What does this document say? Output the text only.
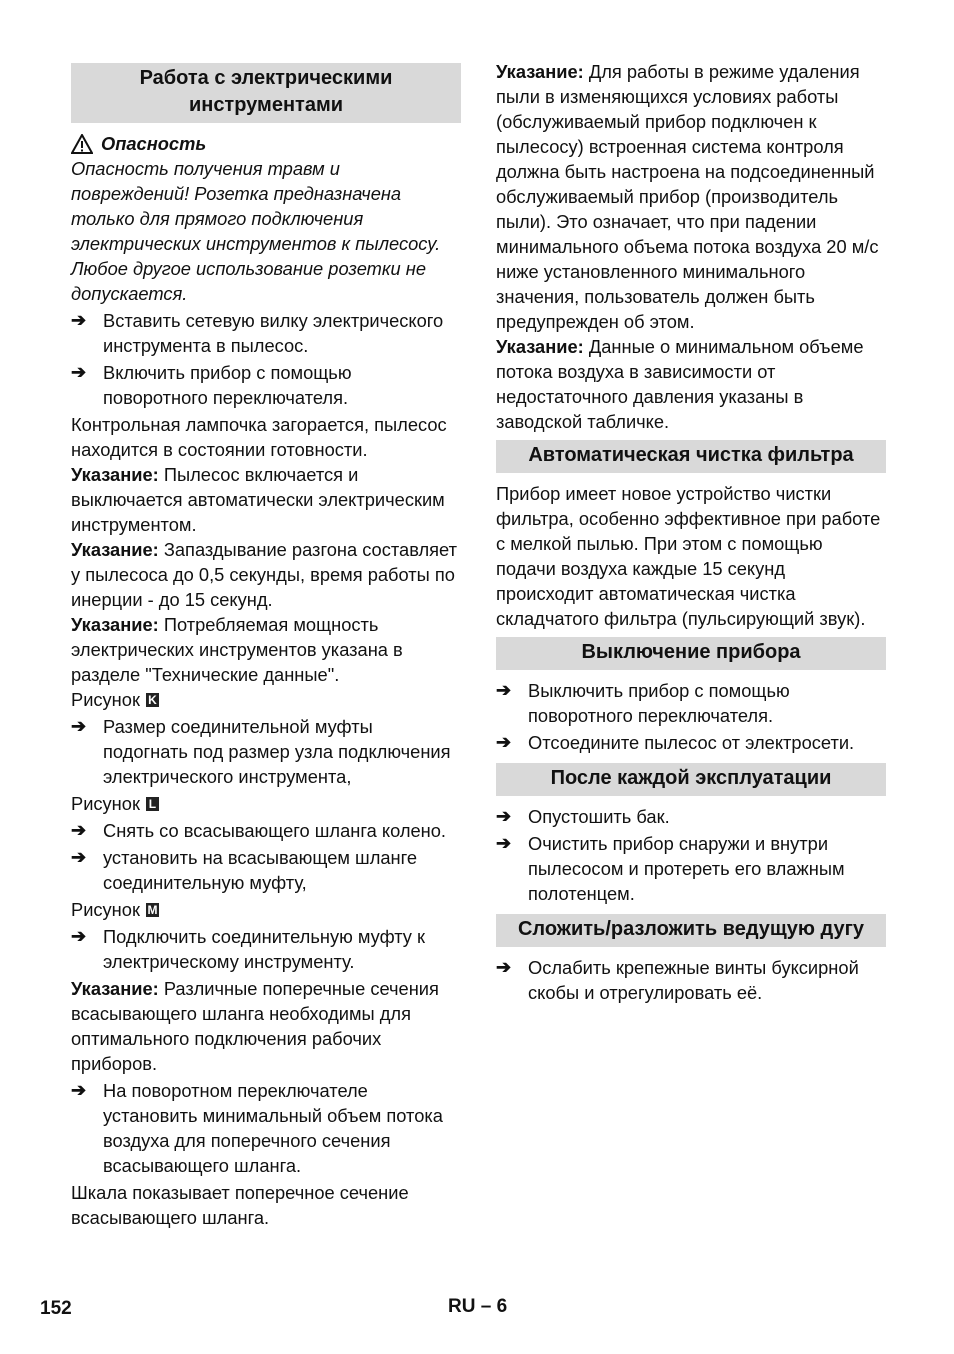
Работа с электрическими инструментами
Опасность

Опасность получения травм и повреждений! Розетка предназначена только для прямого подключения электрических инструментов к пылесосу. Любое другое использование розетки не допускается.

➔ Вставить сетевую вилку электрического инструмента в пылесос.
➔ Включить прибор с помощью поворотного переключателя.

Контрольная лампочка загорается, пылесос находится в состоянии готовности.

Указание: Пылесос включается и выключается автоматически электрическим инструментом.

Указание: Запаздывание разгона составляет у пылесоса до 0,5 секунды, время работы по инерции - до 15 секунд.

Указание: Потребляемая мощность электрических инструментов указана в разделе "Технические данные".

Рисунок K
➔ Размер соединительной муфты подогнать под размер узла подключения электрического инструмента,
Рисунок L
➔ Снять со всасывающего шланга колено.
➔ установить на всасывающем шланге соединительную муфту,
Рисунок M
➔ Подключить соединительную муфту к электрическому инструменту.

Указание: Различные поперечные сечения всасывающего шланга необходимы для оптимального подключения рабочих приборов.

➔ На поворотном переключателе установить минимальный объем потока воздуха для поперечного сечения всасывающего шланга.

Шкала показывает поперечное сечение всасывающего шланга.

Указание: Для работы в режиме удаления пыли в изменяющихся условиях работы (обслуживаемый прибор подключен к пылесосу) встроенная система контроля должна быть настроена на подсоединенный обслуживаемый прибор (производитель пыли). Это означает, что при падении минимального объема потока воздуха 20 м/с ниже установленного минимального значения, пользователь должен быть предупрежден об этом.

Указание: Данные о минимальном объеме потока воздуха в зависимости от недостаточного давления указаны в заводской табличке.

Автоматическая чистка фильтра

Прибор имеет новое устройство чистки фильтра, особенно эффективное при работе с мелкой пылью. При этом с помощью подачи воздуха каждые 15 секунд происходит автоматическая чистка складчатого фильтра (пульсирующий звук).

Выключение прибора
➔ Выключить прибор с помощью поворотного переключателя.
➔ Отсоедините пылесос от электросети.
После каждой эксплуатации
➔ Опустошить бак.
➔ Очистить прибор снаружи и внутри пылесосом и протереть его влажным полотенцем.
Сложить/разложить ведущую дугу
➔ Ослабить крепежные винты буксирной скобы и отрегулировать её.
152	RU – 6
